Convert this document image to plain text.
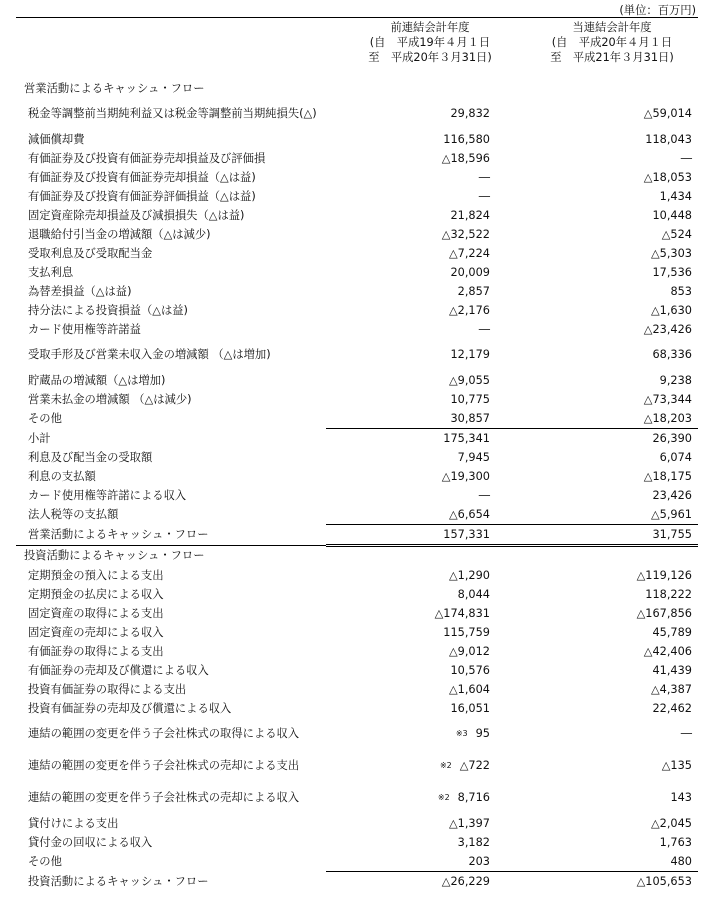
(単位：百万円)
前連結会計年度
(自　平成19年４月１日
至　平成20年３月31日)
当連結会計年度
(自　平成20年４月１日
至　平成21年３月31日)
営業活動によるキャッシュ・フロー		
税金等調整前当期純利益又は税金等調整前当期純損失(△)	29,832	△59,014
減価償却費	116,580	118,043
有価証券及び投資有価証券売却損益及び評価損	△18,596	―
有価証券及び投資有価証券売却損益（△は益)	―	△18,053
有価証券及び投資有価証券評価損益（△は益)	―	1,434
固定資産除売却損益及び減損損失（△は益)	21,824	10,448
退職給付引当金の増減額（△は減少)	△32,522	△524
受取利息及び受取配当金	△7,224	△5,303
支払利息	20,009	17,536
為替差損益（△は益)	2,857	853
持分法による投資損益（△は益)	△2,176	△1,630
カード使用権等許諾益	―	△23,426
受取手形及び営業未収入金の増減額 （△は増加)	12,179	68,336
貯蔵品の増減額（△は増加)	△9,055	9,238
営業未払金の増減額 （△は減少)	10,775	△73,344
その他	30,857	△18,203
小計	175,341	26,390
利息及び配当金の受取額	7,945	6,074
利息の支払額	△19,300	△18,175
カード使用権等許諾による収入	―	23,426
法人税等の支払額	△6,654	△5,961
営業活動によるキャッシュ・フロー	157,331	31,755
投資活動によるキャッシュ・フロー		
定期預金の預入による支出	△1,290	△119,126
定期預金の払戻による収入	8,044	118,222
固定資産の取得による支出	△174,831	△167,856
固定資産の売却による収入	115,759	45,789
有価証券の取得による支出	△9,012	△42,406
有価証券の売却及び償還による収入	10,576	41,439
投資有価証券の取得による支出	△1,604	△4,387
投資有価証券の売却及び償還による収入	16,051	22,462
連結の範囲の変更を伴う子会社株式の取得による収入	$^{※3}$ 95	―
連結の範囲の変更を伴う子会社株式の売却による支出	$^{※2}$ △722	△135
連結の範囲の変更を伴う子会社株式の売却による収入	$^{※2}$ 8,716	143
貸付けによる支出	△1,397	△2,045
貸付金の回収による収入	3,182	1,763
その他	203	480
投資活動によるキャッシュ・フロー	△26,229	△105,653
